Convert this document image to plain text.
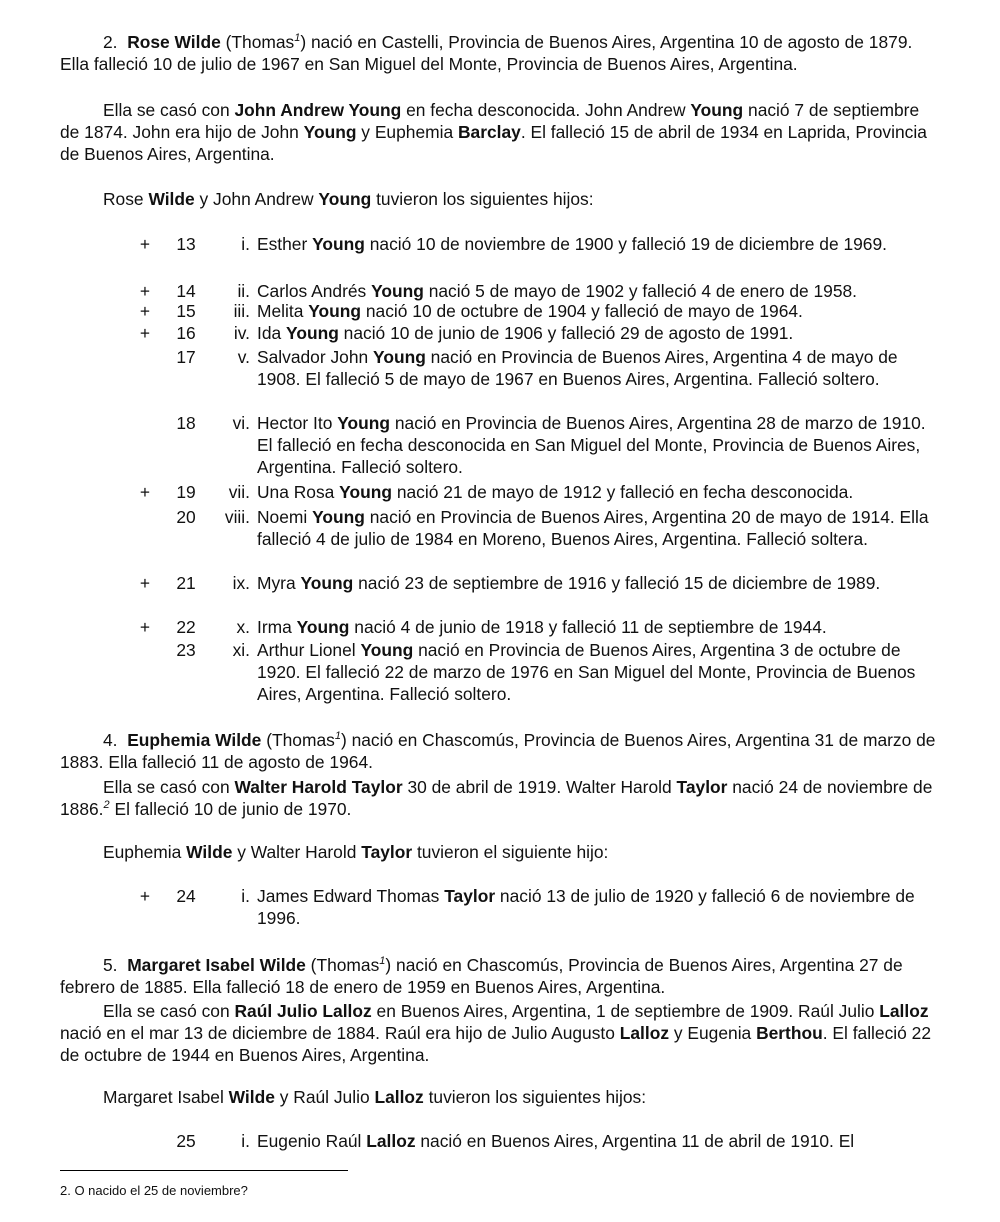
2. Rose Wilde (Thomas$^1$) nació en Castelli, Provincia de Buenos Aires, Argentina 10 de agosto de 1879. Ella falleció 10 de julio de 1967 en San Miguel del Monte, Provincia de Buenos Aires, Argentina.
Ella se casó con John Andrew Young en fecha desconocida. John Andrew Young nació 7 de septiembre de 1874. John era hijo de John Young y Euphemia Barclay. El falleció 15 de abril de 1934 en Laprida, Provincia de Buenos Aires, Argentina.
Rose Wilde y John Andrew Young tuvieron los siguientes hijos:
+ 13	i. Esther Young nació 10 de noviembre de 1900 y falleció 19 de diciembre de 1969.
+ 14	ii. Carlos Andrés Young nació 5 de mayo de 1902 y falleció 4 de enero de 1958.
+ 15	iii. Melita Young nació 10 de octubre de 1904 y falleció de mayo de 1964.
+ 16	iv. Ida Young nació 10 de junio de 1906 y falleció 29 de agosto de 1991.
17	v. Salvador John Young nació en Provincia de Buenos Aires, Argentina 4 de mayo de 1908. El falleció 5 de mayo de 1967 en Buenos Aires, Argentina. Falleció soltero.
18	vi. Hector Ito Young nació en Provincia de Buenos Aires, Argentina 28 de marzo de 1910. El falleció en fecha desconocida en San Miguel del Monte, Provincia de Buenos Aires, Argentina. Falleció soltero.
+ 19	vii. Una Rosa Young nació 21 de mayo de 1912 y falleció en fecha desconocida.
20	viii. Noemi Young nació en Provincia de Buenos Aires, Argentina 20 de mayo de 1914. Ella falleció 4 de julio de 1984 en Moreno, Buenos Aires, Argentina. Falleció soltera.
+ 21	ix. Myra Young nació 23 de septiembre de 1916 y falleció 15 de diciembre de 1989.
+ 22	x. Irma Young nació 4 de junio de 1918 y falleció 11 de septiembre de 1944.
23	xi. Arthur Lionel Young nació en Provincia de Buenos Aires, Argentina 3 de octubre de 1920. El falleció 22 de marzo de 1976 en San Miguel del Monte, Provincia de Buenos Aires, Argentina. Falleció soltero.
4. Euphemia Wilde (Thomas$^1$) nació en Chascomús, Provincia de Buenos Aires, Argentina 31 de marzo de 1883. Ella falleció 11 de agosto de 1964.
Ella se casó con Walter Harold Taylor 30 de abril de 1919. Walter Harold Taylor nació 24 de noviembre de 1886.$^2$ El falleció 10 de junio de 1970.
Euphemia Wilde y Walter Harold Taylor tuvieron el siguiente hijo:
+ 24	i. James Edward Thomas Taylor nació 13 de julio de 1920 y falleció 6 de noviembre de 1996.
5. Margaret Isabel Wilde (Thomas$^1$) nació en Chascomús, Provincia de Buenos Aires, Argentina 27 de febrero de 1885. Ella falleció 18 de enero de 1959 en Buenos Aires, Argentina.
Ella se casó con Raúl Julio Lalloz en Buenos Aires, Argentina, 1 de septiembre de 1909. Raúl Julio Lalloz nació en el mar 13 de diciembre de 1884. Raúl era hijo de Julio Augusto Lalloz y Eugenia Berthou. El falleció 22 de octubre de 1944 en Buenos Aires, Argentina.
Margaret Isabel Wilde y Raúl Julio Lalloz tuvieron los siguientes hijos:
25	i. Eugenio Raúl Lalloz nació en Buenos Aires, Argentina 11 de abril de 1910. El
2. O nacido el 25 de noviembre?
